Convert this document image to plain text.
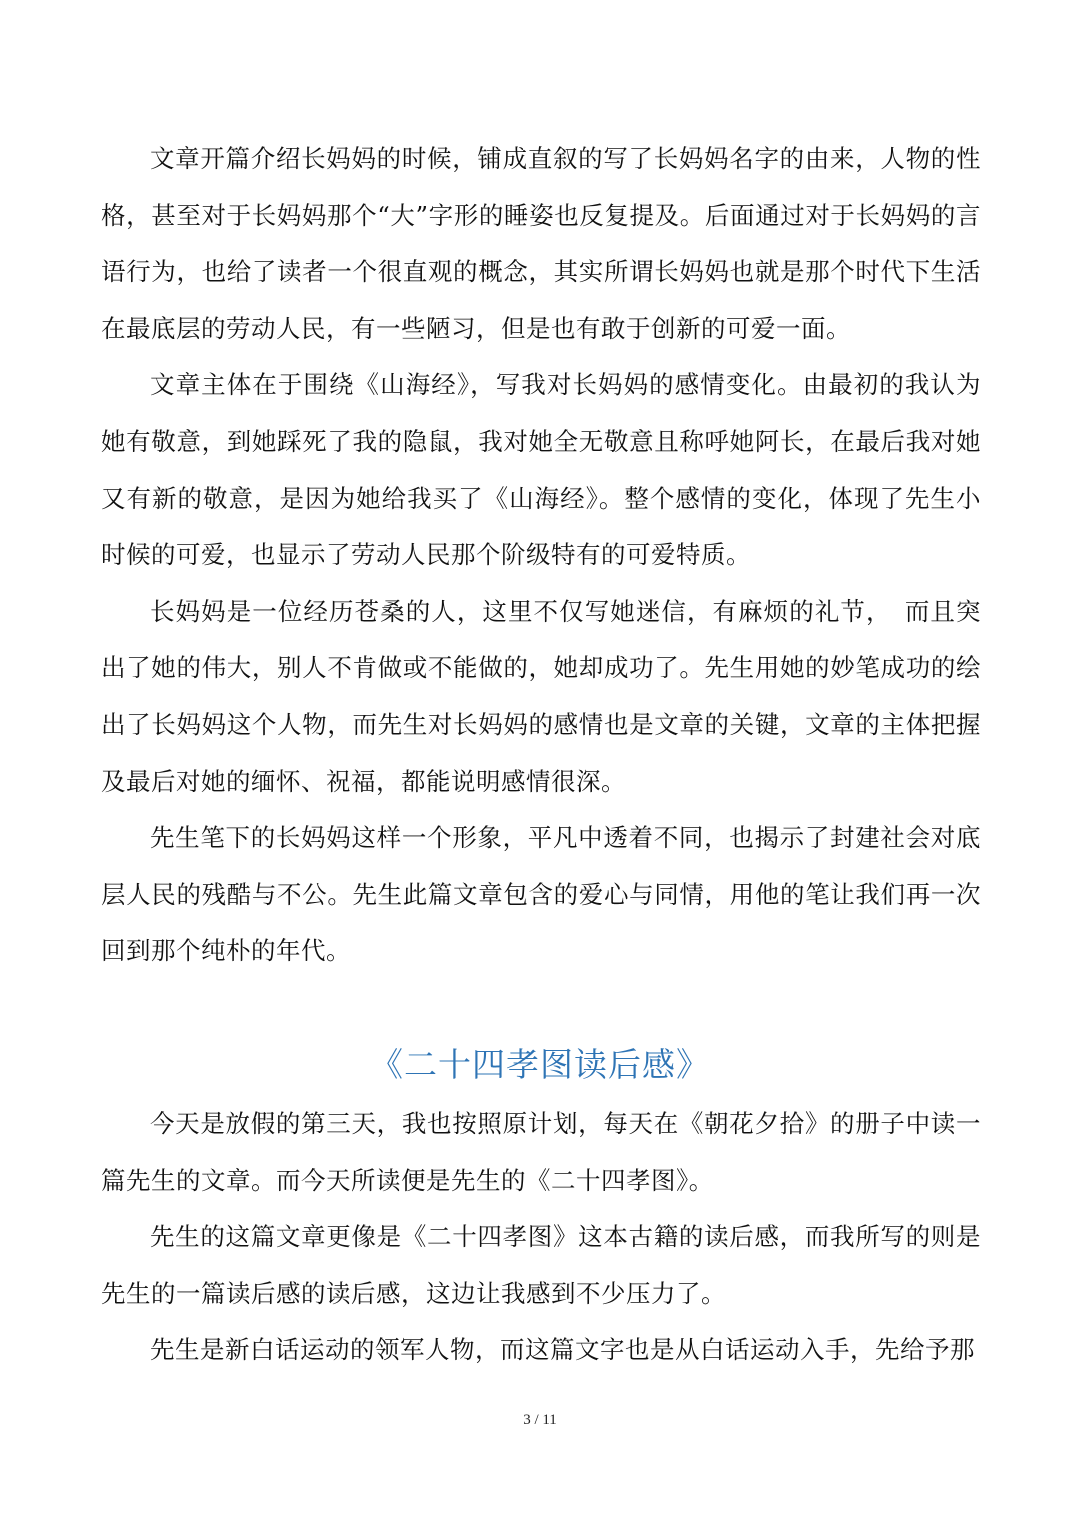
文章开篇介绍长妈妈的时候，铺成直叙的写了长妈妈名字的由来，人物的性格，甚至对于长妈妈那个“大”字形的睡姿也反复提及。后面通过对于长妈妈的言语行为，也给了读者一个很直观的概念，其实所谓长妈妈也就是那个时代下生活在最底层的劳动人民，有一些陋习，但是也有敢于创新的可爱一面。

文章主体在于围绕《山海经》，写我对长妈妈的感情变化。由最初的我认为她有敬意，到她踩死了我的隐鼠，我对她全无敬意且称呼她阿长，在最后我对她又有新的敬意，是因为她给我买了《山海经》。整个感情的变化，体现了先生小时候的可爱，也显示了劳动人民那个阶级特有的可爱特质。

长妈妈是一位经历苍桑的人，这里不仅写她迷信，有麻烦的礼节，　而且突出了她的伟大，别人不肯做或不能做的，她却成功了。先生用她的妙笔成功的绘出了长妈妈这个人物，而先生对长妈妈的感情也是文章的关键，文章的主体把握及最后对她的缅怀、祝福，都能说明感情很深。

先生笔下的长妈妈这样一个形象，平凡中透着不同，也揭示了封建社会对底层人民的残酷与不公。先生此篇文章包含的爱心与同情，用他的笔让我们再一次回到那个纯朴的年代。

《二十四孝图读后感》

今天是放假的第三天，我也按照原计划，每天在《朝花夕拾》的册子中读一篇先生的文章。而今天所读便是先生的《二十四孝图》。

先生的这篇文章更像是《二十四孝图》这本古籍的读后感，而我所写的则是先生的一篇读后感的读后感，这边让我感到不少压力了。

先生是新白话运动的领军人物，而这篇文字也是从白话运动入手，先给予那

3 / 11
